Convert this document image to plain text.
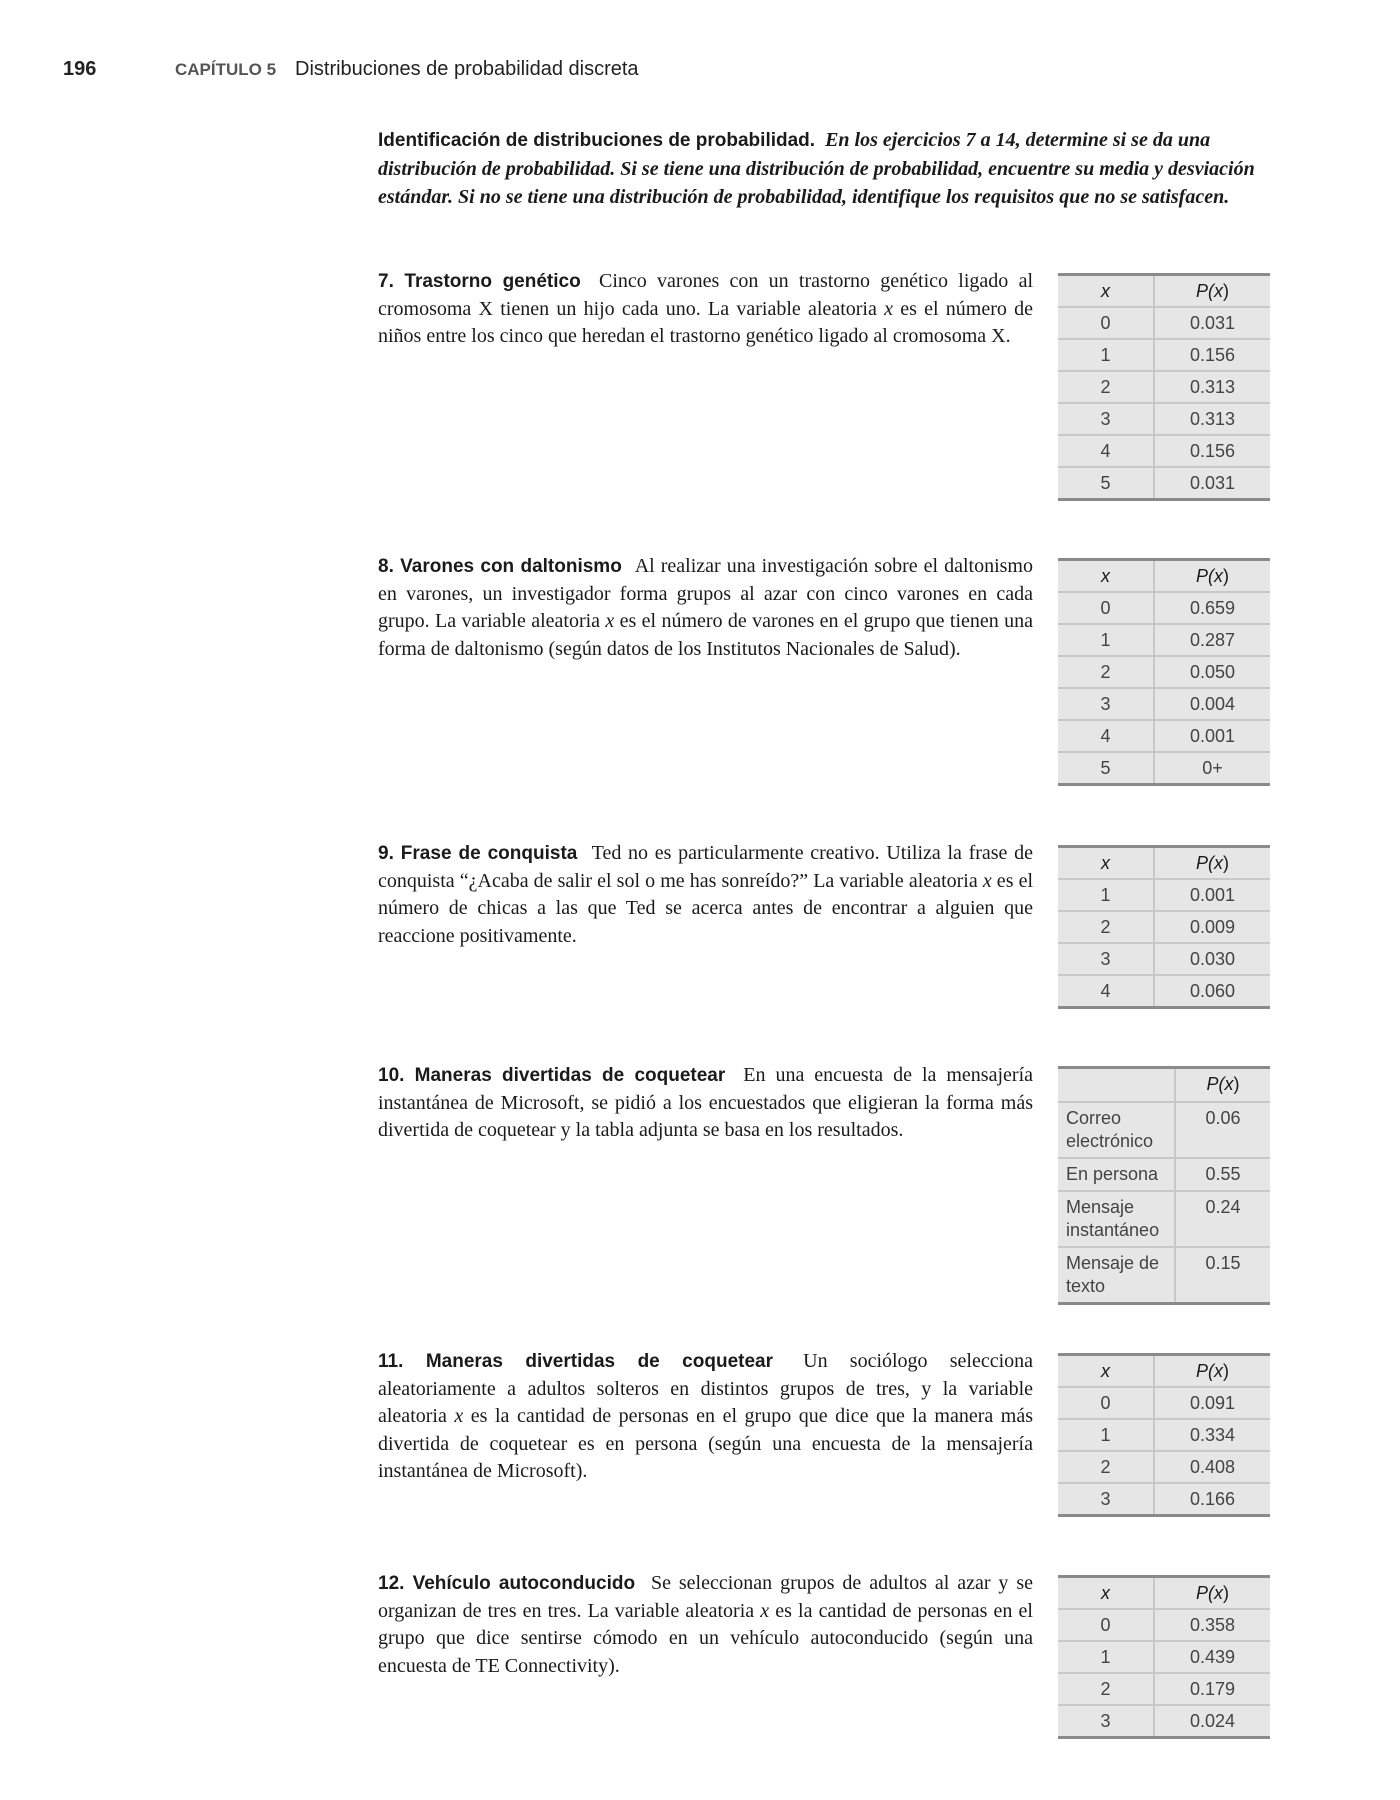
196	CAPÍTULO 5 Distribuciones de probabilidad discreta
Identificación de distribuciones de probabilidad. En los ejercicios 7 a 14, determine si se da una distribución de probabilidad. Si se tiene una distribución de probabilidad, encuentre su media y desviación estándar. Si no se tiene una distribución de probabilidad, identifique los requisitos que no se satisfacen.
7. Trastorno genético Cinco varones con un trastorno genético ligado al cromosoma X tienen un hijo cada uno. La variable aleatoria x es el número de niños entre los cinco que heredan el trastorno genético ligado al cromosoma X.
x	P(x)
0	0.031
1	0.156
2	0.313
3	0.313
4	0.156
5	0.031
8. Varones con daltonismo Al realizar una investigación sobre el daltonismo en varones, un investigador forma grupos al azar con cinco varones en cada grupo. La variable aleatoria x es el número de varones en el grupo que tienen una forma de daltonismo (según datos de los Institutos Nacionales de Salud).
x	P(x)
0	0.659
1	0.287
2	0.050
3	0.004
4	0.001
5	0+
9. Frase de conquista Ted no es particularmente creativo. Utiliza la frase de conquista “¿Acaba de salir el sol o me has sonreído?” La variable aleatoria x es el número de chicas a las que Ted se acerca antes de encontrar a alguien que reaccione positivamente.
x	P(x)
1	0.001
2	0.009
3	0.030
4	0.060
10. Maneras divertidas de coquetear En una encuesta de la mensajería instantánea de Microsoft, se pidió a los encuestados que eligieran la forma más divertida de coquetear y la tabla adjunta se basa en los resultados.
	P(x)
Correo electrónico	0.06
En persona	0.55
Mensaje instantáneo	0.24
Mensaje de texto	0.15
11. Maneras divertidas de coquetear Un sociólogo selecciona aleatoriamente a adultos solteros en distintos grupos de tres, y la variable aleatoria x es la cantidad de personas en el grupo que dice que la manera más divertida de coquetear es en persona (según una encuesta de la mensajería instantánea de Microsoft).
x	P(x)
0	0.091
1	0.334
2	0.408
3	0.166
12. Vehículo autoconducido Se seleccionan grupos de adultos al azar y se organizan de tres en tres. La variable aleatoria x es la cantidad de personas en el grupo que dice sentirse cómodo en un vehículo autoconducido (según una encuesta de TE Connectivity).
x	P(x)
0	0.358
1	0.439
2	0.179
3	0.024
